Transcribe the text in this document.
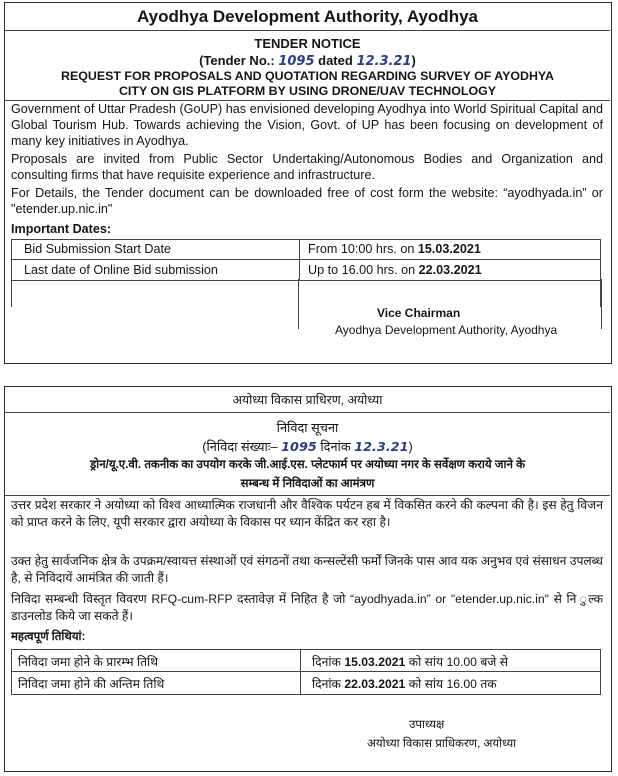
Ayodhya Development Authority, Ayodhya
TENDER NOTICE
(Tender No.: 1095 dated 12.3.21)
REQUEST FOR PROPOSALS AND QUOTATION REGARDING SURVEY OF AYODHYA
CITY ON GIS PLATFORM BY USING DRONE/UAV TECHNOLOGY
Government of Uttar Pradesh (GoUP) has envisioned developing Ayodhya into World Spiritual Capital and Global Tourism Hub. Towards achieving the Vision, Govt. of UP has been focusing on development of many key initiatives in Ayodhya.
Proposals are invited from Public Sector Undertaking/Autonomous Bodies and Organization and consulting firms that have requisite experience and infrastructure.
For Details, the Tender document can be downloaded free of cost form the website: “ayodhyada.in” or "etender.up.nic.in"
Important Dates:
Bid Submission Start Date	From 10:00 hrs. on 15.03.2021
Last date of Online Bid submission	Up to 16.00 hrs. on 22.03.2021
Vice Chairman
Ayodhya Development Authority, Ayodhya
अयोध्या विकास प्राधिरण, अयोध्या
निविदा सूचना
(निविदा संख्याः– 1095 दिनांक 12.3.21)
ड्रोन/यू.ए.वी. तकनीक का उपयोग करके जी.आई.एस. प्लेटफार्म पर अयोध्या नगर के सर्वेक्षण कराये जाने के
सम्बन्ध में निविदाओं का आमंत्रण
उत्तर प्रदेश सरकार ने अयोध्या को विश्व आध्यात्मिक राजधानी और वैश्विक पर्यटन हब में विकसित करने की कल्पना की है। इस हेतु विजन को प्राप्त करने के लिए, यूपी सरकार द्वारा अयोध्या के विकास पर ध्यान केंद्रित कर रहा है।
उक्त हेतु सार्वजनिक क्षेत्र के उपक्रम/स्वायत्त संस्थाओं एवं संगठनों तथा कन्सल्टेंसी फर्मों जिनके पास आव यक अनुभव एवं संसाधन उपलब्ध है, से निविदायें आमंत्रित की जाती हैं।
निविदा सम्बन्धी विस्तृत विवरण RFQ-cum-RFP दस्तावेज़ में निहित है जो “ayodhyada.in” or "etender.up.nic.in" से नि ुल्क डाउनलोड किये जा सकते हैं।
महत्वपूर्ण तिथियां:
निविदा जमा होने के प्रारम्भ तिथि	दिनांक 15.03.2021 को सांय 10.00 बजे से
निविदा जमा होने की अन्तिम तिथि	दिनांक 22.03.2021 को सांय 16.00 तक
उपाध्यक्ष
अयोध्या विकास प्राधिकरण, अयोध्या
